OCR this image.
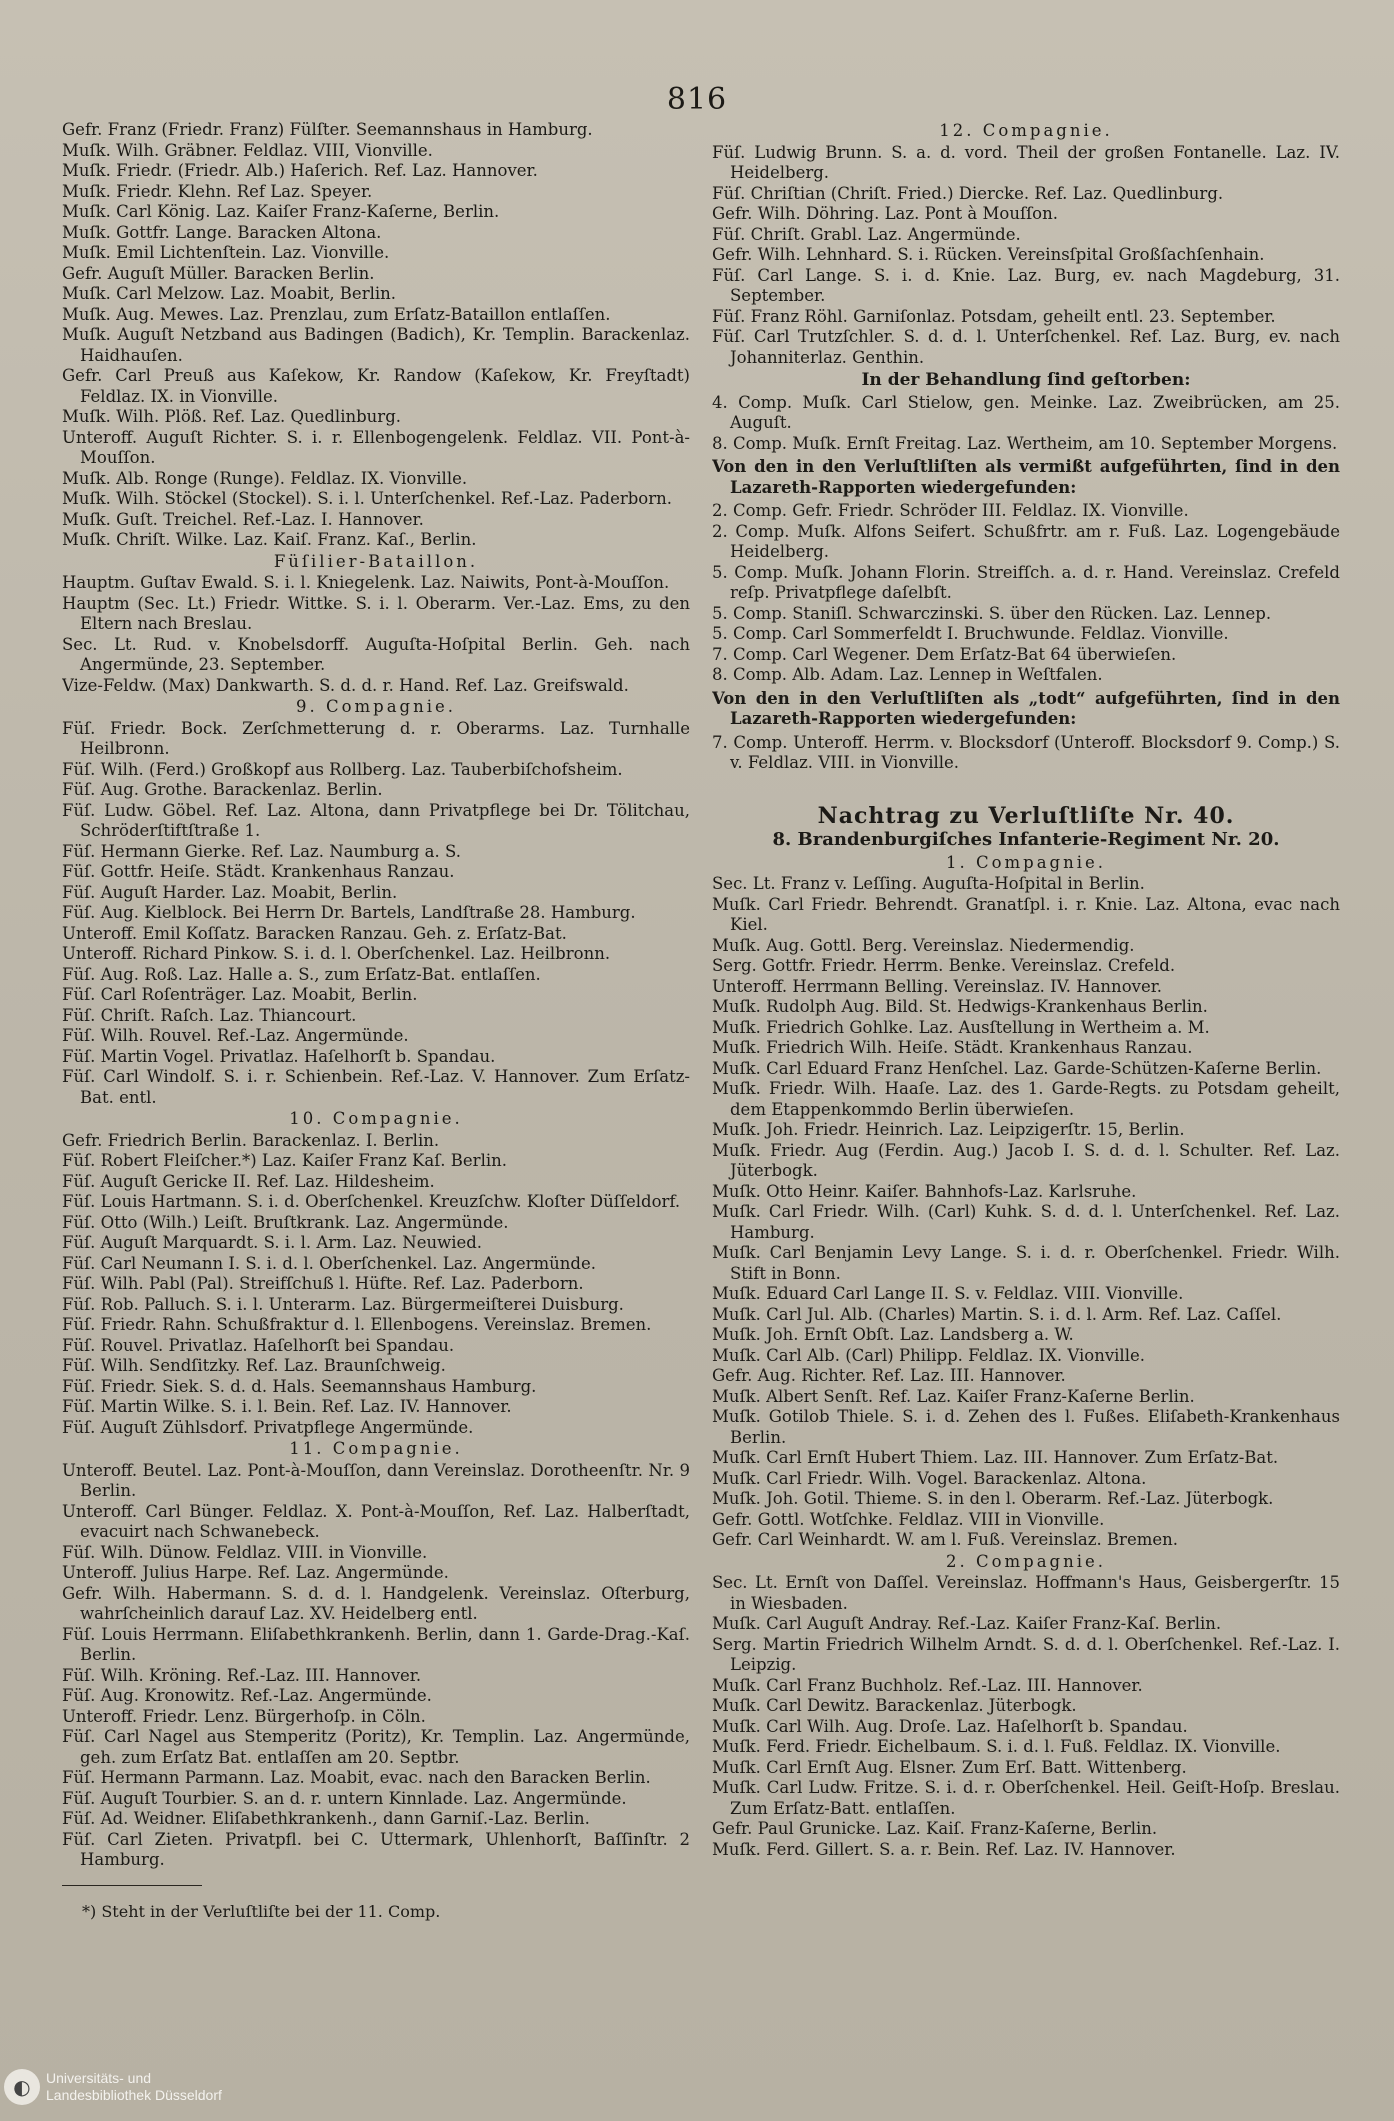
816

Gefr. Franz (Friedr. Franz) Fülſter. Seemannshaus in Hamburg.

Muſk. Wilh. Gräbner. Feldlaz. VIII, Vionville.

Muſk. Friedr. (Friedr. Alb.) Haſerich. Ref. Laz. Hannover.

Muſk. Friedr. Klehn. Ref Laz. Speyer.

Muſk. Carl König. Laz. Kaiſer Franz-Kaſerne, Berlin.

Muſk. Gottfr. Lange. Baracken Altona.

Muſk. Emil Lichtenſtein. Laz. Vionville.

Gefr. Auguſt Müller. Baracken Berlin.

Muſk. Carl Melzow. Laz. Moabit, Berlin.

Muſk. Aug. Mewes. Laz. Prenzlau, zum Erſatz-Bataillon entlaſſen.

Muſk. Auguſt Netzband aus Badingen (Badich), Kr. Templin. Barackenlaz. Haidhauſen.

Gefr. Carl Preuß aus Kaſekow, Kr. Randow (Kaſekow, Kr. Freyſtadt) Feldlaz. IX. in Vionville.

Muſk. Wilh. Plöß. Ref. Laz. Quedlinburg.

Unteroff. Auguſt Richter. S. i. r. Ellenbogengelenk. Feldlaz. VII. Pont-à-Mouſſon.

Muſk. Alb. Ronge (Runge). Feldlaz. IX. Vionville.

Muſk. Wilh. Stöckel (Stockel). S. i. l. Unterſchenkel. Ref.-Laz. Paderborn.

Muſk. Guſt. Treichel. Ref.-Laz. I. Hannover.

Muſk. Chriſt. Wilke. Laz. Kaiſ. Franz. Kaſ., Berlin.

Füſilier-Bataillon.

Hauptm. Guſtav Ewald. S. i. l. Kniegelenk. Laz. Naiwits, Pont-à-Mouſſon.

Hauptm (Sec. Lt.) Friedr. Wittke. S. i. l. Oberarm. Ver.-Laz. Ems, zu den Eltern nach Breslau.

Sec. Lt. Rud. v. Knobelsdorff. Auguſta-Hoſpital Berlin. Geh. nach Angermünde, 23. September.

Vize-Feldw. (Max) Dankwarth. S. d. d. r. Hand. Ref. Laz. Greifswald.

9. Compagnie.

Füſ. Friedr. Bock. Zerſchmetterung d. r. Oberarms. Laz. Turnhalle Heilbronn.

Füſ. Wilh. (Ferd.) Großkopf aus Rollberg. Laz. Tauberbiſchofsheim.

Füſ. Aug. Grothe. Barackenlaz. Berlin.

Füſ. Ludw. Göbel. Ref. Laz. Altona, dann Privatpflege bei Dr. Tölitchau, Schröderſtiftſtraße 1.

Füſ. Hermann Gierke. Ref. Laz. Naumburg a. S.

Füſ. Gottfr. Heiſe. Städt. Krankenhaus Ranzau.

Füſ. Auguſt Harder. Laz. Moabit, Berlin.

Füſ. Aug. Kielblock. Bei Herrn Dr. Bartels, Landſtraße 28. Hamburg.

Unteroff. Emil Koſſatz. Baracken Ranzau. Geh. z. Erſatz-Bat.

Unteroff. Richard Pinkow. S. i. d. l. Oberſchenkel. Laz. Heilbronn.

Füſ. Aug. Roß. Laz. Halle a. S., zum Erſatz-Bat. entlaſſen.

Füſ. Carl Roſenträger. Laz. Moabit, Berlin.

Füſ. Chriſt. Raſch. Laz. Thiancourt.

Füſ. Wilh. Rouvel. Ref.-Laz. Angermünde.

Füſ. Martin Vogel. Privatlaz. Haſelhorſt b. Spandau.

Füſ. Carl Windolf. S. i. r. Schienbein. Ref.-Laz. V. Hannover. Zum Erſatz-Bat. entl.

10. Compagnie.

Gefr. Friedrich Berlin. Barackenlaz. I. Berlin.

Füſ. Robert Fleiſcher.*) Laz. Kaiſer Franz Kaſ. Berlin.

Füſ. Auguſt Gericke II. Ref. Laz. Hildesheim.

Füſ. Louis Hartmann. S. i. d. Oberſchenkel. Kreuzſchw. Kloſter Düſſeldorf.

Füſ. Otto (Wilh.) Leiſt. Bruſtkrank. Laz. Angermünde.

Füſ. Auguſt Marquardt. S. i. l. Arm. Laz. Neuwied.

Füſ. Carl Neumann I. S. i. d. l. Oberſchenkel. Laz. Angermünde.

Füſ. Wilh. Pabl (Pal). Streifſchuß l. Hüfte. Ref. Laz. Paderborn.

Füſ. Rob. Palluch. S. i. l. Unterarm. Laz. Bürgermeiſterei Duisburg.

Füſ. Friedr. Rahn. Schußfraktur d. l. Ellenbogens. Vereinslaz. Bremen.

Füſ. Rouvel. Privatlaz. Haſelhorſt bei Spandau.

Füſ. Wilh. Sendſitzky. Ref. Laz. Braunſchweig.

Füſ. Friedr. Siek. S. d. d. Hals. Seemannshaus Hamburg.

Füſ. Martin Wilke. S. i. l. Bein. Ref. Laz. IV. Hannover.

Füſ. Auguſt Zühlsdorf. Privatpflege Angermünde.

11. Compagnie.

Unteroff. Beutel. Laz. Pont-à-Mouſſon, dann Vereinslaz. Dorotheenſtr. Nr. 9 Berlin.

Unteroff. Carl Bünger. Feldlaz. X. Pont-à-Mouſſon, Ref. Laz. Halberſtadt, evacuirt nach Schwanebeck.

Füſ. Wilh. Dünow. Feldlaz. VIII. in Vionville.

Unteroff. Julius Harpe. Ref. Laz. Angermünde.

Gefr. Wilh. Habermann. S. d. d. l. Handgelenk. Vereinslaz. Oſterburg, wahrſcheinlich darauf Laz. XV. Heidelberg entl.

Füſ. Louis Herrmann. Eliſabethkrankenh. Berlin, dann 1. Garde-Drag.-Kaſ. Berlin.

Füſ. Wilh. Kröning. Ref.-Laz. III. Hannover.

Füſ. Aug. Kronowitz. Ref.-Laz. Angermünde.

Unteroff. Friedr. Lenz. Bürgerhoſp. in Cöln.

Füſ. Carl Nagel aus Stemperitz (Poritz), Kr. Templin. Laz. Angermünde, geh. zum Erſatz Bat. entlaſſen am 20. Septbr.

Füſ. Hermann Parmann. Laz. Moabit, evac. nach den Baracken Berlin.

Füſ. Auguſt Tourbier. S. an d. r. untern Kinnlade. Laz. Angermünde.

Füſ. Ad. Weidner. Eliſabethkrankenh., dann Garniſ.-Laz. Berlin.

Füſ. Carl Zieten. Privatpfl. bei C. Uttermark, Uhlenhorſt, Baſſinſtr. 2 Hamburg.

*) Steht in der Verluſtliſte bei der 11. Comp.

12. Compagnie.

Füſ. Ludwig Brunn. S. a. d. vord. Theil der großen Fontanelle. Laz. IV. Heidelberg.

Füſ. Chriſtian (Chriſt. Fried.) Diercke. Ref. Laz. Quedlinburg.

Gefr. Wilh. Döhring. Laz. Pont à Mouſſon.

Füſ. Chriſt. Grabl. Laz. Angermünde.

Gefr. Wilh. Lehnhard. S. i. Rücken. Vereinsſpital Großſachſenhain.

Füſ. Carl Lange. S. i. d. Knie. Laz. Burg, ev. nach Magdeburg, 31. September.

Füſ. Franz Röhl. Garniſonlaz. Potsdam, geheilt entl. 23. September.

Füſ. Carl Trutzſchler. S. d. d. l. Unterſchenkel. Ref. Laz. Burg, ev. nach Johanniterlaz. Genthin.

In der Behandlung ſind geſtorben:

4. Comp. Muſk. Carl Stielow, gen. Meinke. Laz. Zweibrücken, am 25. Auguſt.

8. Comp. Muſk. Ernſt Freitag. Laz. Wertheim, am 10. September Morgens.

Von den in den Verluſtliſten als vermißt aufgeführten, ſind in den Lazareth-Rapporten wiedergefunden:

2. Comp. Gefr. Friedr. Schröder III. Feldlaz. IX. Vionville.

2. Comp. Muſk. Alfons Seifert. Schußfrtr. am r. Fuß. Laz. Logengebäude Heidelberg.

5. Comp. Muſk. Johann Florin. Streifſch. a. d. r. Hand. Vereinslaz. Crefeld reſp. Privatpflege daſelbſt.

5. Comp. Staniſl. Schwarczinski. S. über den Rücken. Laz. Lennep.

5. Comp. Carl Sommerfeldt I. Bruchwunde. Feldlaz. Vionville.

7. Comp. Carl Wegener. Dem Erſatz-Bat 64 überwieſen.

8. Comp. Alb. Adam. Laz. Lennep in Weſtfalen.

Von den in den Verluſtliſten als „todt“ aufgeführten, ſind in den Lazareth-Rapporten wiedergefunden:

7. Comp. Unteroff. Herrm. v. Blocksdorf (Unteroff. Blocksdorf 9. Comp.) S. v. Feldlaz. VIII. in Vionville.

Nachtrag zu Verluſtliſte Nr. 40.

8. Brandenburgiſches Infanterie-Regiment Nr. 20.

1. Compagnie.

Sec. Lt. Franz v. Leſſing. Auguſta-Hoſpital in Berlin.

Muſk. Carl Friedr. Behrendt. Granatſpl. i. r. Knie. Laz. Altona, evac nach Kiel.

Muſk. Aug. Gottl. Berg. Vereinslaz. Niedermendig.

Serg. Gottfr. Friedr. Herrm. Benke. Vereinslaz. Crefeld.

Unteroff. Herrmann Belling. Vereinslaz. IV. Hannover.

Muſk. Rudolph Aug. Bild. St. Hedwigs-Krankenhaus Berlin.

Muſk. Friedrich Gohlke. Laz. Ausſtellung in Wertheim a. M.

Muſk. Friedrich Wilh. Heiſe. Städt. Krankenhaus Ranzau.

Muſk. Carl Eduard Franz Henſchel. Laz. Garde-Schützen-Kaſerne Berlin.

Muſk. Friedr. Wilh. Haaſe. Laz. des 1. Garde-Regts. zu Potsdam geheilt, dem Etappenkommdo Berlin überwieſen.

Muſk. Joh. Friedr. Heinrich. Laz. Leipzigerſtr. 15, Berlin.

Muſk. Friedr. Aug (Ferdin. Aug.) Jacob I. S. d. d. l. Schulter. Ref. Laz. Jüterbogk.

Muſk. Otto Heinr. Kaiſer. Bahnhofs-Laz. Karlsruhe.

Muſk. Carl Friedr. Wilh. (Carl) Kuhk. S. d. d. l. Unterſchenkel. Ref. Laz. Hamburg.

Muſk. Carl Benjamin Levy Lange. S. i. d. r. Oberſchenkel. Friedr. Wilh. Stift in Bonn.

Muſk. Eduard Carl Lange II. S. v. Feldlaz. VIII. Vionville.

Muſk. Carl Jul. Alb. (Charles) Martin. S. i. d. l. Arm. Ref. Laz. Caſſel.

Muſk. Joh. Ernſt Obſt. Laz. Landsberg a. W.

Muſk. Carl Alb. (Carl) Philipp. Feldlaz. IX. Vionville.

Gefr. Aug. Richter. Ref. Laz. III. Hannover.

Muſk. Albert Senſt. Ref. Laz. Kaiſer Franz-Kaſerne Berlin.

Muſk. Gotilob Thiele. S. i. d. Zehen des l. Fußes. Eliſabeth-Krankenhaus Berlin.

Muſk. Carl Ernſt Hubert Thiem. Laz. III. Hannover. Zum Erſatz-Bat.

Muſk. Carl Friedr. Wilh. Vogel. Barackenlaz. Altona.

Muſk. Joh. Gotil. Thieme. S. in den l. Oberarm. Ref.-Laz. Jüterbogk.

Gefr. Gottl. Wotſchke. Feldlaz. VIII in Vionville.

Gefr. Carl Weinhardt. W. am l. Fuß. Vereinslaz. Bremen.

2. Compagnie.

Sec. Lt. Ernſt von Daſſel. Vereinslaz. Hoffmann's Haus, Geisbergerſtr. 15 in Wiesbaden.

Muſk. Carl Auguſt Andray. Ref.-Laz. Kaiſer Franz-Kaſ. Berlin.

Serg. Martin Friedrich Wilhelm Arndt. S. d. d. l. Oberſchenkel. Ref.-Laz. I. Leipzig.

Muſk. Carl Franz Buchholz. Ref.-Laz. III. Hannover.

Muſk. Carl Dewitz. Barackenlaz. Jüterbogk.

Muſk. Carl Wilh. Aug. Droſe. Laz. Haſelhorſt b. Spandau.

Muſk. Ferd. Friedr. Eichelbaum. S. i. d. l. Fuß. Feldlaz. IX. Vionville.

Muſk. Carl Ernſt Aug. Elsner. Zum Erſ. Batt. Wittenberg.

Muſk. Carl Ludw. Fritze. S. i. d. r. Oberſchenkel. Heil. Geiſt-Hoſp. Breslau. Zum Erſatz-Batt. entlaſſen.

Gefr. Paul Grunicke. Laz. Kaiſ. Franz-Kaſerne, Berlin.

Muſk. Ferd. Gillert. S. a. r. Bein. Ref. Laz. IV. Hannover.

◐	Universitäts- und
Landesbibliothek Düsseldorf
